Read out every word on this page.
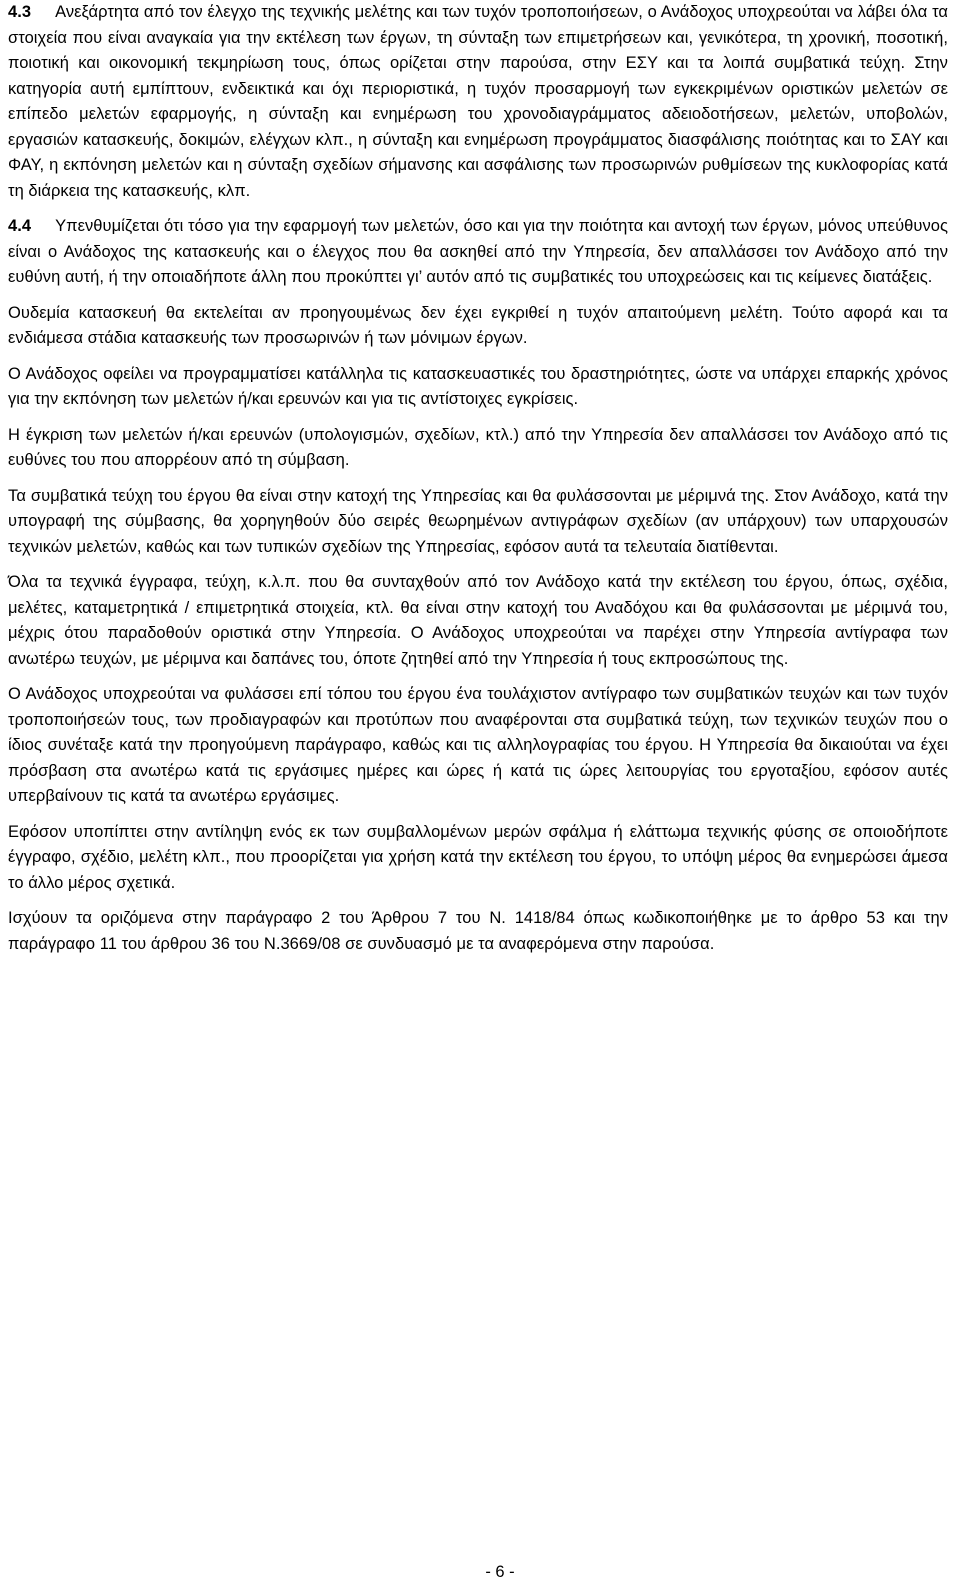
4.3 Ανεξάρτητα από τον έλεγχο της τεχνικής μελέτης και των τυχόν τροποποιήσεων, ο Ανάδοχος υποχρεούται να λάβει όλα τα στοιχεία που είναι αναγκαία για την εκτέλεση των έργων, τη σύνταξη των επιμετρήσεων και, γενικότερα, τη χρονική, ποσοτική, ποιοτική και οικονομική τεκμηρίωση τους, όπως ορίζεται στην παρούσα, στην ΕΣΥ και τα λοιπά συμβατικά τεύχη. Στην κατηγορία αυτή εμπίπτουν, ενδεικτικά και όχι περιοριστικά, η τυχόν προσαρμογή των εγκεκριμένων οριστικών μελετών σε επίπεδο μελετών εφαρμογής, η σύνταξη και ενημέρωση του χρονοδιαγράμματος αδειοδοτήσεων, μελετών, υποβολών, εργασιών κατασκευής, δοκιμών, ελέγχων κλπ., η σύνταξη και ενημέρωση προγράμματος διασφάλισης ποιότητας και το ΣΑΥ και ΦΑΥ, η εκπόνηση μελετών και η σύνταξη σχεδίων σήμανσης και ασφάλισης των προσωρινών ρυθμίσεων της κυκλοφορίας κατά τη διάρκεια της κατασκευής, κλπ.

4.4 Υπενθυμίζεται ότι τόσο για την εφαρμογή των μελετών, όσο και για την ποιότητα και αντοχή των έργων, μόνος υπεύθυνος είναι ο Ανάδοχος της κατασκευής και ο έλεγχος που θα ασκηθεί από την Υπηρεσία, δεν απαλλάσσει τον Ανάδοχο από την ευθύνη αυτή, ή την οποιαδήποτε άλλη που προκύπτει γι’ αυτόν από τις συμβατικές του υποχρεώσεις και τις κείμενες διατάξεις.

Ουδεμία κατασκευή θα εκτελείται αν προηγουμένως δεν έχει εγκριθεί η τυχόν απαιτούμενη μελέτη. Τούτο αφορά και τα ενδιάμεσα στάδια κατασκευής των προσωρινών ή των μόνιμων έργων.

Ο Ανάδοχος οφείλει να προγραμματίσει κατάλληλα τις κατασκευαστικές του δραστηριότητες, ώστε να υπάρχει επαρκής χρόνος για την εκπόνηση των μελετών ή/και ερευνών και για τις αντίστοιχες εγκρίσεις.

Η έγκριση των μελετών ή/και ερευνών (υπολογισμών, σχεδίων, κτλ.) από την Υπηρεσία δεν απαλλάσσει τον Ανάδοχο από τις ευθύνες του που απορρέουν από τη σύμβαση.

Τα συμβατικά τεύχη του έργου θα είναι στην κατοχή της Υπηρεσίας και θα φυλάσσονται με μέριμνά της. Στον Ανάδοχο, κατά την υπογραφή της σύμβασης, θα χορηγηθούν δύο σειρές θεωρημένων αντιγράφων σχεδίων (αν υπάρχουν) των υπαρχουσών τεχνικών μελετών, καθώς και των τυπικών σχεδίων της Υπηρεσίας, εφόσον αυτά τα τελευταία διατίθενται.

Όλα τα τεχνικά έγγραφα, τεύχη, κ.λ.π. που θα συνταχθούν από τον Ανάδοχο κατά την εκτέλεση του έργου, όπως, σχέδια, μελέτες, καταμετρητικά / επιμετρητικά στοιχεία, κτλ. θα είναι στην κατοχή του Αναδόχου και θα φυλάσσονται με μέριμνά του, μέχρις ότου παραδοθούν οριστικά στην Υπηρεσία. Ο Ανάδοχος υποχρεούται να παρέχει στην Υπηρεσία αντίγραφα των ανωτέρω τευχών, με μέριμνα και δαπάνες του, όποτε ζητηθεί από την Υπηρεσία ή τους εκπροσώπους της.

Ο Ανάδοχος υποχρεούται να φυλάσσει επί τόπου του έργου ένα τουλάχιστον αντίγραφο των συμβατικών τευχών και των τυχόν τροποποιήσεών τους, των προδιαγραφών και προτύπων που αναφέρονται στα συμβατικά τεύχη, των τεχνικών τευχών που ο ίδιος συνέταξε κατά την προηγούμενη παράγραφο, καθώς και τις αλληλογραφίας του έργου. Η Υπηρεσία θα δικαιούται να έχει πρόσβαση στα ανωτέρω κατά τις εργάσιμες ημέρες και ώρες ή κατά τις ώρες λειτουργίας του εργοταξίου, εφόσον αυτές υπερβαίνουν τις κατά τα ανωτέρω εργάσιμες.

Εφόσον υποπίπτει στην αντίληψη ενός εκ των συμβαλλομένων μερών σφάλμα ή ελάττωμα τεχνικής φύσης σε οποιοδήποτε έγγραφο, σχέδιο, μελέτη κλπ., που προορίζεται για χρήση κατά την εκτέλεση του έργου, το υπόψη μέρος θα ενημερώσει άμεσα το άλλο μέρος σχετικά.

Ισχύουν τα οριζόμενα στην παράγραφο 2 του Άρθρου 7 του Ν. 1418/84 όπως κωδικοποιήθηκε με το άρθρο 53 και την παράγραφο 11 του άρθρου 36 του Ν.3669/08 σε συνδυασμό με τα αναφερόμενα στην παρούσα.

- 6 -
